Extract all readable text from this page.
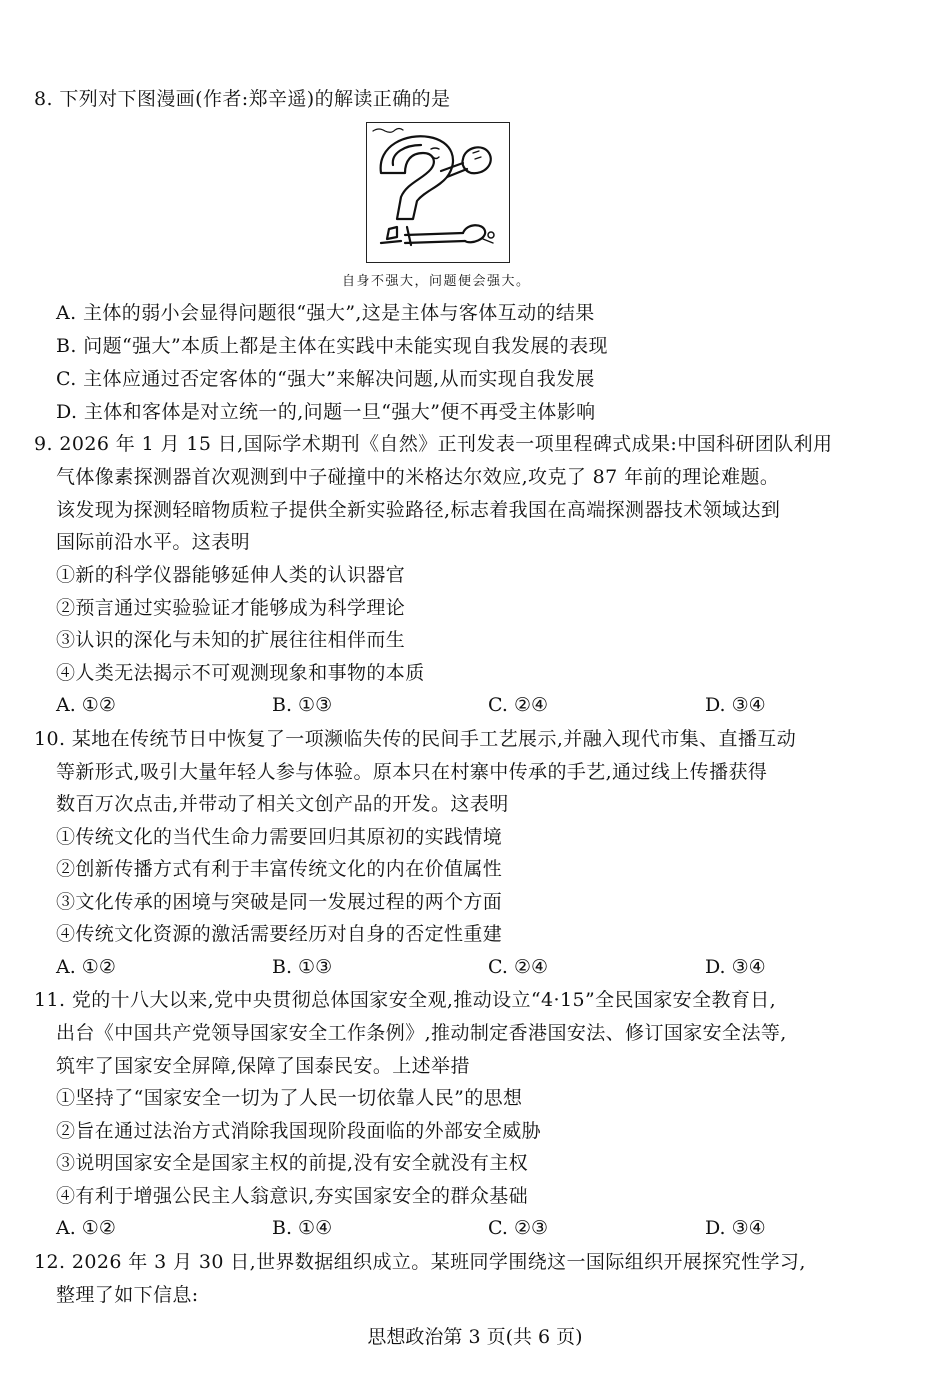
8. 下列对下图漫画(作者:郑辛遥)的解读正确的是
自身不强大，问题便会强大。
A. 主体的弱小会显得问题很“强大”,这是主体与客体互动的结果
B. 问题“强大”本质上都是主体在实践中未能实现自我发展的表现
C. 主体应通过否定客体的“强大”来解决问题,从而实现自我发展
D. 主体和客体是对立统一的,问题一旦“强大”便不再受主体影响
9. 2026 年 1 月 15 日,国际学术期刊《自然》正刊发表一项里程碑式成果:中国科研团队利用
气体像素探测器首次观测到中子碰撞中的米格达尔效应,攻克了 87 年前的理论难题。
该发现为探测轻暗物质粒子提供全新实验路径,标志着我国在高端探测器技术领域达到
国际前沿水平。这表明
①新的科学仪器能够延伸人类的认识器官
②预言通过实验验证才能够成为科学理论
③认识的深化与未知的扩展往往相伴而生
④人类无法揭示不可观测现象和事物的本质
A. ①②	B. ①③	C. ②④	D. ③④
10. 某地在传统节日中恢复了一项濒临失传的民间手工艺展示,并融入现代市集、直播互动
等新形式,吸引大量年轻人参与体验。原本只在村寨中传承的手艺,通过线上传播获得
数百万次点击,并带动了相关文创产品的开发。这表明
①传统文化的当代生命力需要回归其原初的实践情境
②创新传播方式有利于丰富传统文化的内在价值属性
③文化传承的困境与突破是同一发展过程的两个方面
④传统文化资源的激活需要经历对自身的否定性重建
A. ①②	B. ①③	C. ②④	D. ③④
11. 党的十八大以来,党中央贯彻总体国家安全观,推动设立“4·15”全民国家安全教育日,
出台《中国共产党领导国家安全工作条例》,推动制定香港国安法、修订国家安全法等,
筑牢了国家安全屏障,保障了国泰民安。上述举措
①坚持了“国家安全一切为了人民一切依靠人民”的思想
②旨在通过法治方式消除我国现阶段面临的外部安全威胁
③说明国家安全是国家主权的前提,没有安全就没有主权
④有利于增强公民主人翁意识,夯实国家安全的群众基础
A. ①②	B. ①④	C. ②③	D. ③④
12. 2026 年 3 月 30 日,世界数据组织成立。某班同学围绕这一国际组织开展探究性学习,
整理了如下信息:
思想政治第 3 页(共 6 页)
